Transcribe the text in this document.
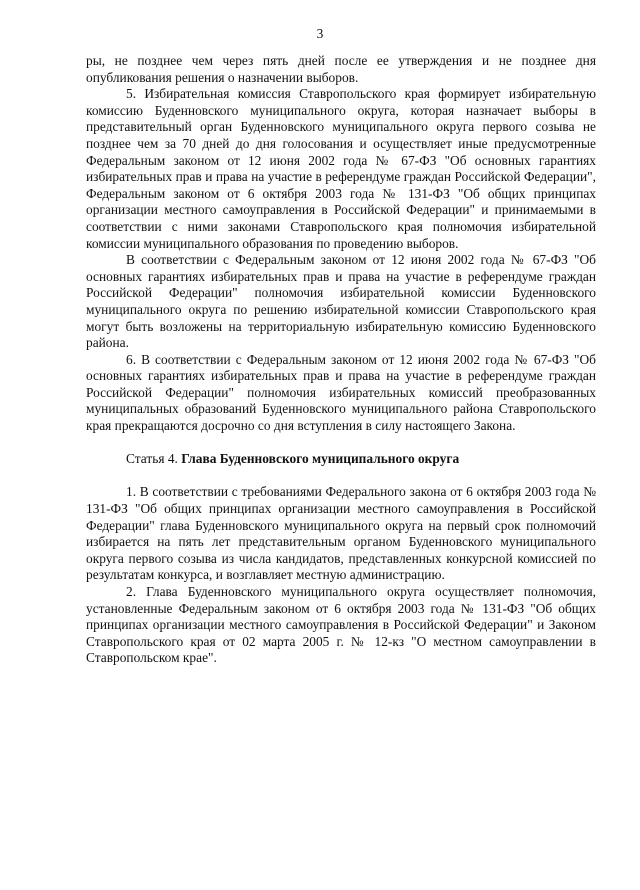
3

ры, не позднее чем через пять дней после ее утверждения и не позднее дня опубликования решения о назначении выборов.

5. Избирательная комиссия Ставропольского края формирует избирательную комиссию Буденновского муниципального округа, которая назначает выборы в представительный орган Буденновского муниципального округа первого созыва не позднее чем за 70 дней до дня голосования и осуществляет иные предусмотренные Федеральным законом от 12 июня 2002 года № 67-ФЗ "Об основных гарантиях избирательных прав и права на участие в референдуме граждан Российской Федерации", Федеральным законом от 6 октября 2003 года № 131-ФЗ "Об общих принципах организации местного самоуправления в Российской Федерации" и принимаемыми в соответствии с ними законами Ставропольского края полномочия избирательной комиссии муниципального образования по проведению выборов.

В соответствии с Федеральным законом от 12 июня 2002 года № 67-ФЗ "Об основных гарантиях избирательных прав и права на участие в референдуме граждан Российской Федерации" полномочия избирательной комиссии Буденновского муниципального округа по решению избирательной комиссии Ставропольского края могут быть возложены на территориальную избирательную комиссию Буденновского района.

6. В соответствии с Федеральным законом от 12 июня 2002 года № 67-ФЗ "Об основных гарантиях избирательных прав и права на участие в референдуме граждан Российской Федерации" полномочия избирательных комиссий преобразованных муниципальных образований Буденновского муниципального района Ставропольского края прекращаются досрочно со дня вступления в силу настоящего Закона.

Статья 4. Глава Буденновского муниципального округа

1. В соответствии с требованиями Федерального закона от 6 октября 2003 года № 131-ФЗ "Об общих принципах организации местного самоуправления в Российской Федерации" глава Буденновского муниципального округа на первый срок полномочий избирается на пять лет представительным органом Буденновского муниципального округа первого созыва из числа кандидатов, представленных конкурсной комиссией по результатам конкурса, и возглавляет местную администрацию.

2. Глава Буденновского муниципального округа осуществляет полномочия, установленные Федеральным законом от 6 октября 2003 года № 131-ФЗ "Об общих принципах организации местного самоуправления в Российской Федерации" и Законом Ставропольского края от 02 марта 2005 г. № 12-кз "О местном самоуправлении в Ставропольском крае".
